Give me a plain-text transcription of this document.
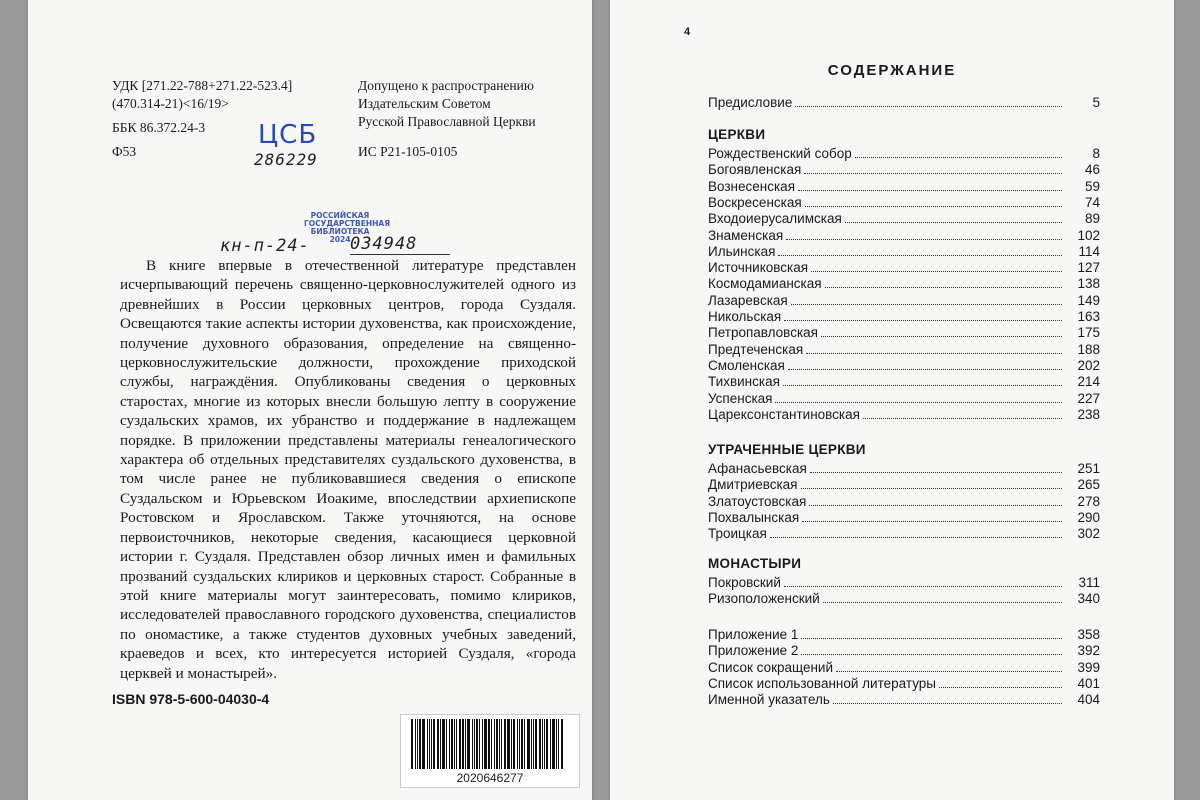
УДК [271.22-788+271.22-523.4]
(470.314-21)<16/19>
ББК 86.372.24-3
Ф53
Допущено к распространению
Издательским Советом
Русской Православной Церкви
ИС Р21-105-0105
ЦСБ
286229
РОССИЙСКАЯ
ГОСУДАРСТВЕННАЯ
БИБЛИОТЕКА
2024
кн-п-24- 034948

В книге впервые в отечественной литературе представлен исчерпывающий перечень священно-церковнослужителей одного из древнейших в России церковных центров, города Суздаля. Освещаются такие аспекты истории духовенства, как происхождение, получение духовного образования, определение на священно-церковнослужительские должности, прохождение приходской службы, награждёния. Опубликованы сведения о церковных старостах, многие из которых внесли большую лепту в сооружение суздальских храмов, их убранство и поддержание в надлежащем порядке. В приложении представлены материалы генеалогического характера об отдельных представителях суздальского духовенства, в том числе ранее не публиковавшиеся сведения о епископе Суздальском и Юрьевском Иоакиме, впоследствии архиепископе Ростовском и Ярославском. Также уточняются, на основе первоисточников, некоторые сведения, касающиеся церковной истории г. Суздаля. Представлен обзор личных имен и фамильных прозваний суздальских клириков и церковных старост. Собранные в этой книге материалы могут заинтересовать, помимо клириков, исследователей православного городского духовенства, специалистов по ономастике, а также студентов духовных учебных заведений, краеведов и всех, кто интересуется историей Суздаля, «города церквей и монастырей».

ISBN 978-5-600-04030-4
2020646277
4
СОДЕРЖАНИЕ
Предисловие	5
ЦЕРКВИ
Рождественский собор	8
Богоявленская	46
Вознесенская	59
Воскресенская	74
Входоиерусалимская	89
Знаменская	102
Ильинская	114
Источниковская	127
Космодамианская	138
Лазаревская	149
Никольская	163
Петропавловская	175
Предтеченская	188
Смоленская	202
Тихвинская	214
Успенская	227
Царексонстантиновская	238
УТРАЧЕННЫЕ ЦЕРКВИ
Афанасьевская	251
Дмитриевская	265
Златоустовская	278
Похвалынская	290
Троицкая	302
МОНАСТЫРИ
Покровский	311
Ризоположенский	340
Приложение 1	358
Приложение 2	392
Список сокращений	399
Список использованной литературы	401
Именной указатель	404
